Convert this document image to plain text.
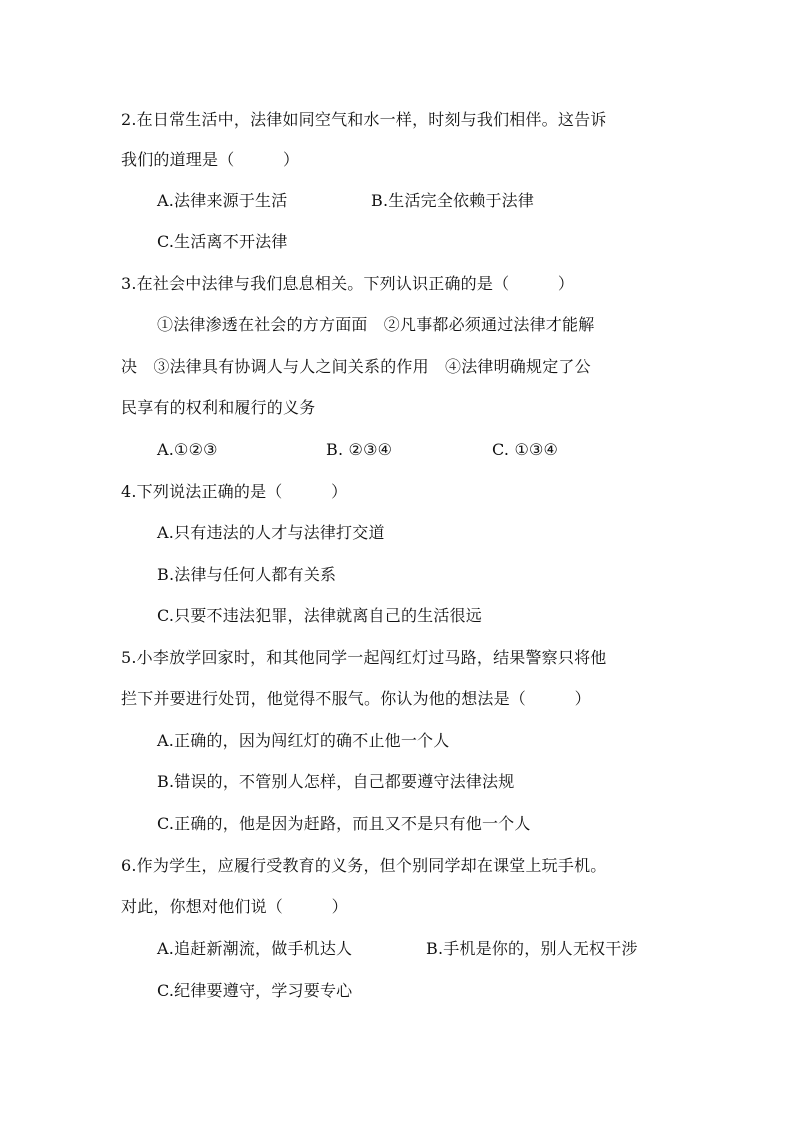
2.在日常生活中，法律如同空气和水一样，时刻与我们相伴。这告诉
我们的道理是（　　　）
A.法律来源于生活	B.生活完全依赖于法律
C.生活离不开法律
3.在社会中法律与我们息息相关。下列认识正确的是（　　　）
①法律渗透在社会的方方面面　②凡事都必须通过法律才能解
决　③法律具有协调人与人之间关系的作用　④法律明确规定了公
民享有的权利和履行的义务
A.①②③	B. ②③④	C. ①③④
4.下列说法正确的是（　　　）
A.只有违法的人才与法律打交道
B.法律与任何人都有关系
C.只要不违法犯罪，法律就离自己的生活很远
5.小李放学回家时，和其他同学一起闯红灯过马路，结果警察只将他
拦下并要进行处罚，他觉得不服气。你认为他的想法是（　　　）
A.正确的，因为闯红灯的确不止他一个人
B.错误的，不管别人怎样，自己都要遵守法律法规
C.正确的，他是因为赶路，而且又不是只有他一个人
6.作为学生，应履行受教育的义务，但个别同学却在课堂上玩手机。
对此，你想对他们说（　　　）
A.追赶新潮流，做手机达人	B.手机是你的，别人无权干涉
C.纪律要遵守，学习要专心
